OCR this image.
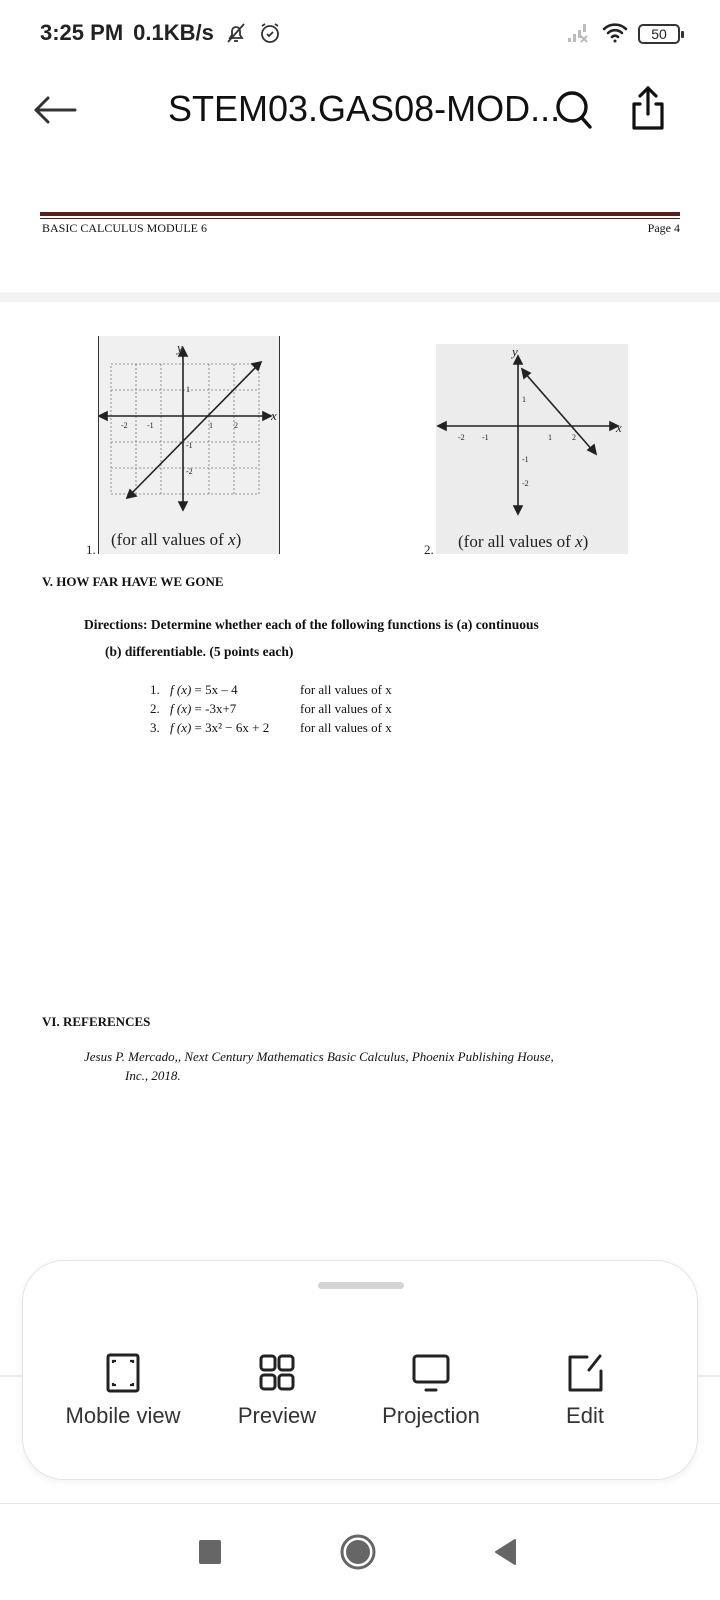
3:25 PM 0.1KB/s	50
STEM03.GAS08-MOD...
BASIC CALCULUS MODULE 6	Page 4
-2 -1	1	2
1
-1
-2
x
y
(for all values of x)
1.
-2 -1	1	2
1
-1
-2
x
y
(for all values of x)
2.
V. HOW FAR HAVE WE GONE
Directions: Determine whether each of the following functions is (a) continuous
(b) differentiable. (5 points each)
1. f (x) = 5x – 4	for all values of x
2. f (x) = -3x+7	for all values of x
3. f (x) = 3x² − 6x + 2	for all values of x
VI. REFERENCES
Jesus P. Mercado,, Next Century Mathematics Basic Calculus, Phoenix Publishing House,
Inc., 2018.
Mobile view	Preview	Projection	Edit
